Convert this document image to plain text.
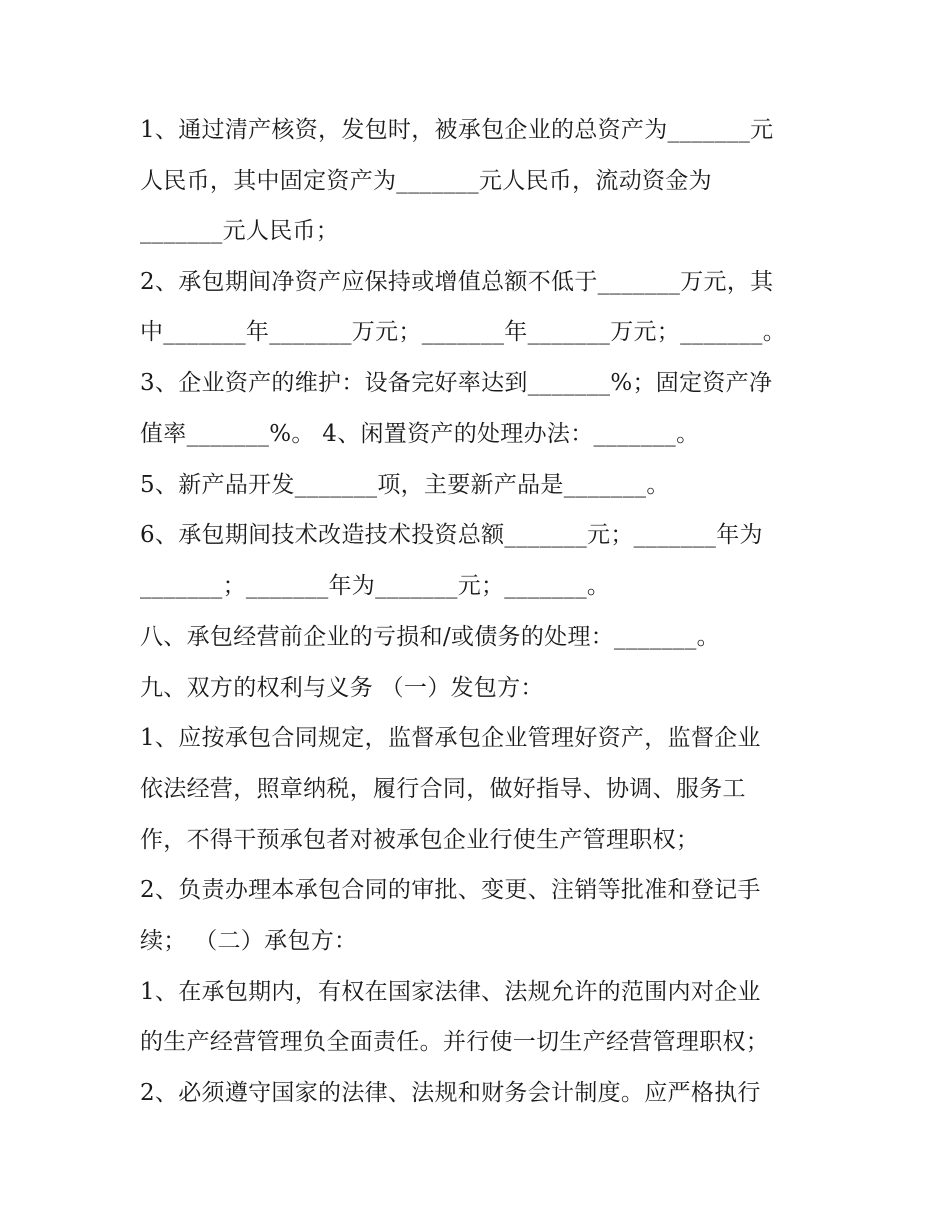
1、通过清产核资，发包时，被承包企业的总资产为_______元
人民币，其中固定资产为_______元人民币，流动资金为
_______元人民币；
2、承包期间净资产应保持或增值总额不低于_______万元，其
中_______年_______万元；_______年_______万元；_______。
3、企业资产的维护：设备完好率达到_______%；固定资产净
值率_______%。 4、闲置资产的处理办法：_______。
5、新产品开发_______项，主要新产品是_______。
6、承包期间技术改造技术投资总额_______元；_______年为
_______；_______年为_______元；_______。
八、承包经营前企业的亏损和/或债务的处理：_______。
九、双方的权利与义务 （一）发包方：
1、应按承包合同规定，监督承包企业管理好资产，监督企业
依法经营，照章纳税，履行合同，做好指导、协调、服务工
作，不得干预承包者对被承包企业行使生产管理职权；
2、负责办理本承包合同的审批、变更、注销等批准和登记手
续； （二）承包方：
1、在承包期内，有权在国家法律、法规允许的范围内对企业
的生产经营管理负全面责任。并行使一切生产经营管理职权；
2、必须遵守国家的法律、法规和财务会计制度。应严格执行
